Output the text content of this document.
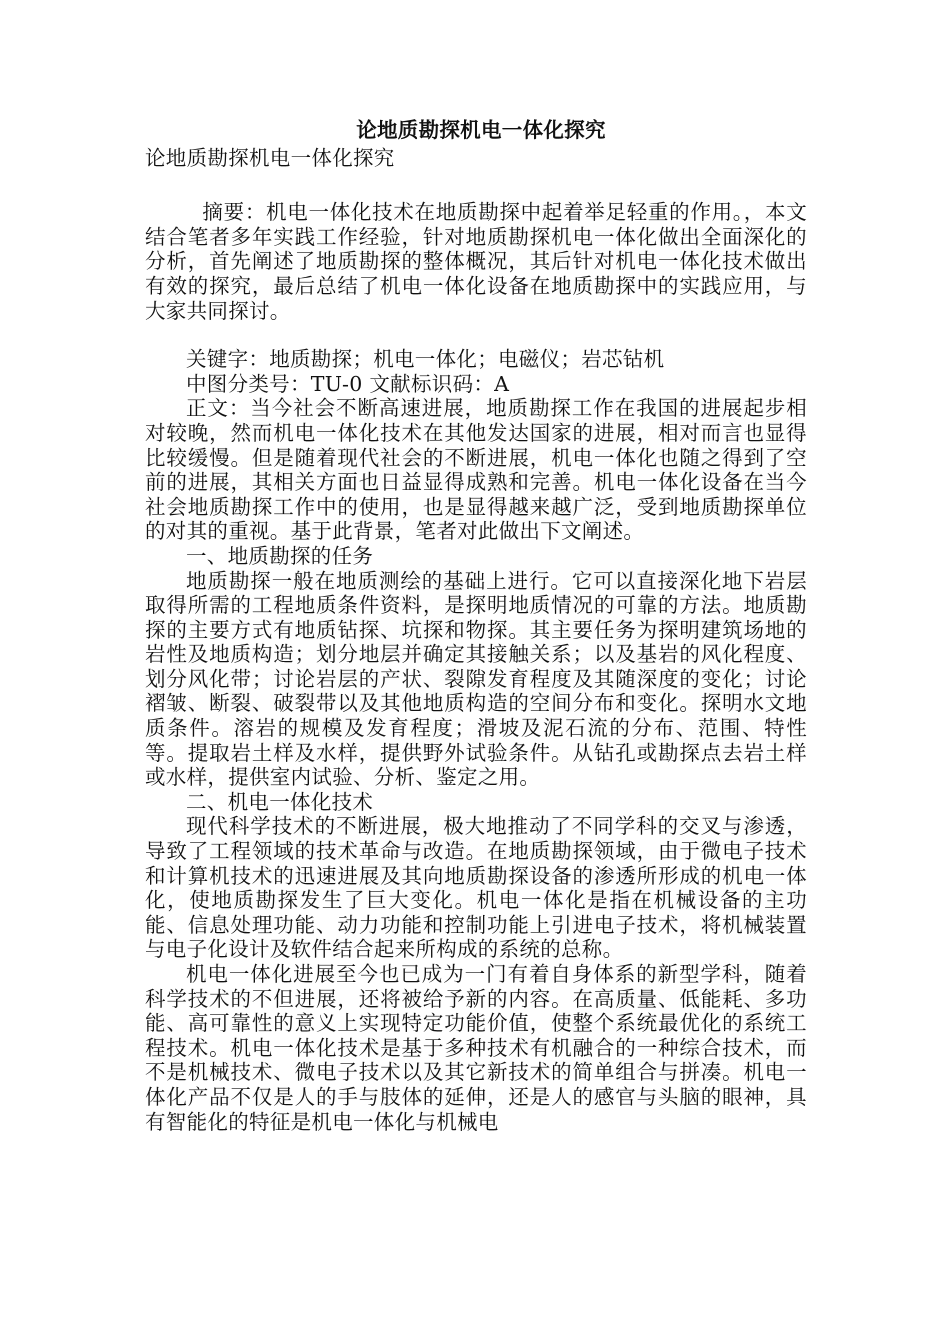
论地质勘探机电一体化探究
论地质勘探机电一体化探究

摘要：机电一体化技术在地质勘探中起着举足轻重的作用。，本文结合笔者多年实践工作经验，针对地质勘探机电一体化做出全面深化的分析，首先阐述了地质勘探的整体概况，其后针对机电一体化技术做出有效的探究，最后总结了机电一体化设备在地质勘探中的实践应用，与大家共同探讨。

关键字：地质勘探；机电一体化；电磁仪；岩芯钻机

中图分类号：TU-0 文献标识码：A

正文：当今社会不断高速进展，地质勘探工作在我国的进展起步相对较晚，然而机电一体化技术在其他发达国家的进展，相对而言也显得比较缓慢。但是随着现代社会的不断进展，机电一体化也随之得到了空前的进展，其相关方面也日益显得成熟和完善。机电一体化设备在当今社会地质勘探工作中的使用，也是显得越来越广泛，受到地质勘探单位的对其的重视。基于此背景，笔者对此做出下文阐述。

一、地质勘探的任务

地质勘探一般在地质测绘的基础上进行。它可以直接深化地下岩层取得所需的工程地质条件资料，是探明地质情况的可靠的方法。地质勘探的主要方式有地质钻探、坑探和物探。其主要任务为探明建筑场地的岩性及地质构造；划分地层并确定其接触关系；以及基岩的风化程度、划分风化带；讨论岩层的产状、裂隙发育程度及其随深度的变化；讨论褶皱、断裂、破裂带以及其他地质构造的空间分布和变化。探明水文地质条件。溶岩的规模及发育程度；滑坡及泥石流的分布、范围、特性等。提取岩土样及水样，提供野外试验条件。从钻孔或勘探点去岩土样或水样，提供室内试验、分析、鉴定之用。

二、机电一体化技术

现代科学技术的不断进展，极大地推动了不同学科的交叉与渗透，导致了工程领域的技术革命与改造。在地质勘探领域，由于微电子技术和计算机技术的迅速进展及其向地质勘探设备的渗透所形成的机电一体化，使地质勘探发生了巨大变化。机电一体化是指在机械设备的主功能、信息处理功能、动力功能和控制功能上引进电子技术，将机械装置与电子化设计及软件结合起来所构成的系统的总称。

机电一体化进展至今也已成为一门有着自身体系的新型学科，随着科学技术的不但进展，还将被给予新的内容。在高质量、低能耗、多功能、高可靠性的意义上实现特定功能价值，使整个系统最优化的系统工程技术。机电一体化技术是基于多种技术有机融合的一种综合技术，而不是机械技术、微电子技术以及其它新技术的简单组合与拼凑。机电一体化产品不仅是人的手与肢体的延伸，还是人的感官与头脑的眼神，具有智能化的特征是机电一体化与机械电
